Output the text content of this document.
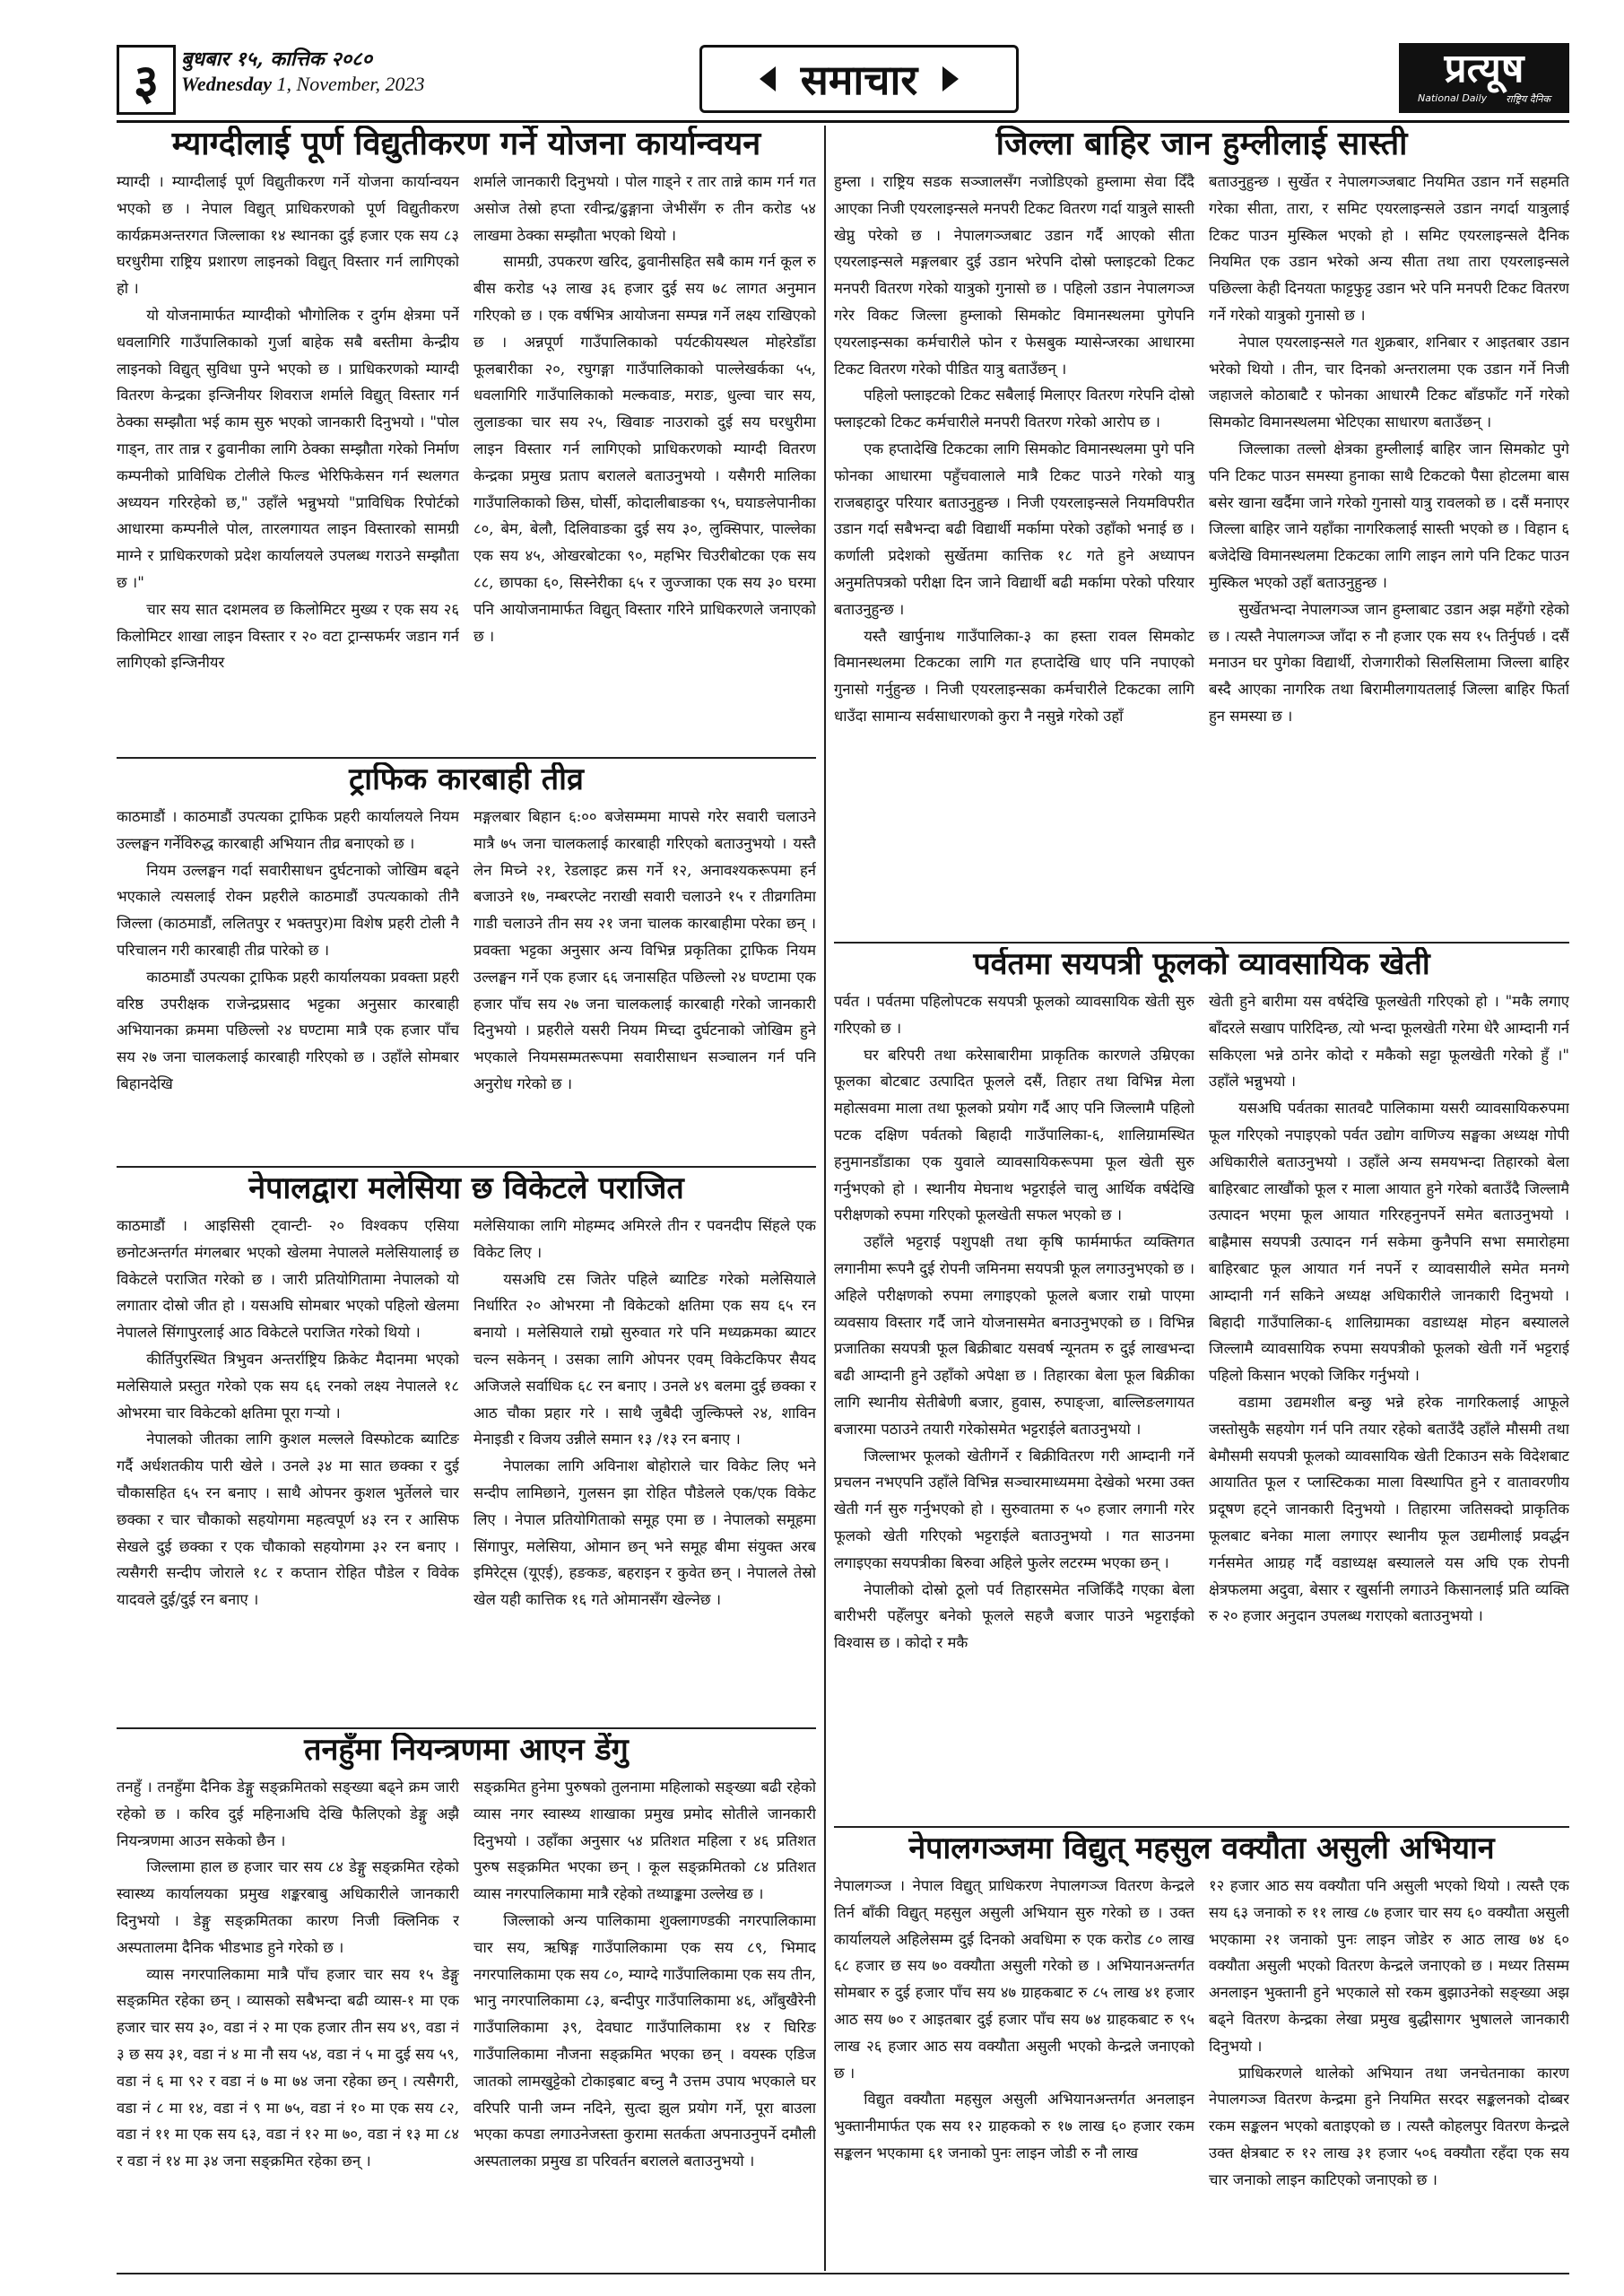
३	बुधबार १५, कात्तिक २०८०
Wednesday 1, November, 2023	समाचार	प्रत्यूष
National Daily राष्ट्रिय दैनिक
म्याग्दीलाई पूर्ण विद्युतीकरण गर्ने योजना कार्यान्वयन

म्याग्दी । म्याग्दीलाई पूर्ण विद्युतीकरण गर्ने योजना कार्यान्वयन भएको छ । नेपाल विद्युत् प्राधिकरणको पूर्ण विद्युतीकरण कार्यक्रमअन्तरगत जिल्लाका १४ स्थानका दुई हजार एक सय ८३ घरधुरीमा राष्ट्रिय प्रशारण लाइनको विद्युत् विस्तार गर्न लागिएको हो ।

यो योजनामार्फत म्याग्दीको भौगोलिक र दुर्गम क्षेत्रमा पर्ने धवलागिरि गाउँपालिकाको गुर्जा बाहेक सबै बस्तीमा केन्द्रीय लाइनको विद्युत् सुविधा पुग्ने भएको छ । प्राधिकरणको म्याग्दी वितरण केन्द्रका इन्जिनीयर शिवराज शर्माले विद्युत् विस्तार गर्न ठेक्का सम्झौता भई काम सुरु भएको जानकारी दिनुभयो । "पोल गाड्न, तार तान्न र ढुवानीका लागि ठेक्का सम्झौता गरेको निर्माण कम्पनीको प्राविधिक टोलीले फिल्ड भेरिफिकेसन गर्न स्थलगत अध्ययन गरिरहेको छ," उहाँले भन्नुभयो "प्राविधिक रिपोर्टको आधारमा कम्पनीले पोल, तारलगायत लाइन विस्तारको सामग्री माग्ने र प्राधिकरणको प्रदेश कार्यालयले उपलब्ध गराउने सम्झौता छ ।"

चार सय सात दशमलव छ किलोमिटर मुख्य र एक सय २६ किलोमिटर शाखा लाइन विस्तार र २० वटा ट्रान्सफर्मर जडान गर्न लागिएको इन्जिनीयर

शर्माले जानकारी दिनुभयो । पोल गाड्ने र तार तान्ने काम गर्न गत असोज तेस्रो हप्ता रवीन्द्र/ढुङ्गाना जेभीसँग रु तीन करोड ५४ लाखमा ठेक्का सम्झौता भएको थियो ।

सामग्री, उपकरण खरिद, ढुवानीसहित सबै काम गर्न कूल रु बीस करोड ५३ लाख ३६ हजार दुई सय ७८ लागत अनुमान गरिएको छ । एक वर्षभित्र आयोजना सम्पन्न गर्ने लक्ष्य राखिएको छ । अन्नपूर्ण गाउँपालिकाको पर्यटकीयस्थल मोहरेडाँडा फूलबारीका २०, रघुगङ्गा गाउँपालिकाको पाल्लेखर्कका ५५, धवलागिरि गाउँपालिकाको मल्कवाङ, मराङ, धुल्वा चार सय, लुलाङका चार सय २५, खिवाङ नाउराको दुई सय घरधुरीमा लाइन विस्तार गर्न लागिएको प्राधिकरणको म्याग्दी वितरण केन्द्रका प्रमुख प्रताप बरालले बताउनुभयो । यसैगरी मालिका गाउँपालिकाको छिस, घोर्सी, कोदालीबाङका ९५, घयाङलेपानीका ८०, बेम, बेलौ, दिलिवाङका दुई सय ३०, लुक्सिपार, पाल्लेका एक सय ४५, ओखरबोटका ९०, महभिर चिउरीबोटका एक सय ८८, छापका ६०, सिस्नेरीका ६५ र जुज्जाका एक सय ३० घरमा पनि आयोजनामार्फत विद्युत् विस्तार गरिने प्राधिकरणले जनाएको छ ।

ट्राफिक कारबाही तीव्र

काठमाडौं । काठमाडौं उपत्यका ट्राफिक प्रहरी कार्यालयले नियम उल्लङ्घन गर्नेविरुद्ध कारबाही अभियान तीव्र बनाएको छ ।

नियम उल्लङ्घन गर्दा सवारीसाधन दुर्घटनाको जोखिम बढ्ने भएकाले त्यसलाई रोक्न प्रहरीले काठमाडौं उपत्यकाको तीनै जिल्ला (काठमाडौं, ललितपुर र भक्तपुर)मा विशेष प्रहरी टोली नै परिचालन गरी कारबाही तीव्र पारेको छ ।

काठमाडौं उपत्यका ट्राफिक प्रहरी कार्यालयका प्रवक्ता प्रहरी वरिष्ठ उपरीक्षक राजेन्द्रप्रसाद भट्टका अनुसार कारबाही अभियानका क्रममा पछिल्लो २४ घण्टामा मात्रै एक हजार पाँच सय २७ जना चालकलाई कारबाही गरिएको छ । उहाँले सोमबार बिहानदेखि

मङ्गलबार बिहान ६:०० बजेसम्ममा मापसे गरेर सवारी चलाउने मात्रै ७५ जना चालकलाई कारबाही गरिएको बताउनुभयो । यस्तै लेन मिच्ने २१, रेडलाइट क्रस गर्ने १२, अनावश्यकरूपमा हर्न बजाउने १७, नम्बरप्लेट नराखी सवारी चलाउने १५ र तीव्रगतिमा गाडी चलाउने तीन सय २१ जना चालक कारबाहीमा परेका छन् । प्रवक्ता भट्टका अनुसार अन्य विभिन्न प्रकृतिका ट्राफिक नियम उल्लङ्घन गर्ने एक हजार ६६ जनासहित पछिल्लो २४ घण्टामा एक हजार पाँच सय २७ जना चालकलाई कारबाही गरेको जानकारी दिनुभयो । प्रहरीले यसरी नियम मिच्दा दुर्घटनाको जोखिम हुने भएकाले नियमसम्मतरूपमा सवारीसाधन सञ्चालन गर्न पनि अनुरोध गरेको छ ।

नेपालद्वारा मलेसिया छ विकेटले पराजित

काठमाडौं । आइसिसी ट्वान्टी- २० विश्वकप एसिया छनोटअन्तर्गत मंगलबार भएको खेलमा नेपालले मलेसियालाई छ विकेटले पराजित गरेको छ । जारी प्रतियोगितामा नेपालको यो लगातार दोस्रो जीत हो । यसअघि सोमबार भएको पहिलो खेलमा नेपालले सिंगापुरलाई आठ विकेटले पराजित गरेको थियो ।

कीर्तिपुरस्थित त्रिभुवन अन्तर्राष्ट्रिय क्रिकेट मैदानमा भएको मलेसियाले प्रस्तुत गरेको एक सय ६६ रनको लक्ष्य नेपालले १८ ओभरमा चार विकेटको क्षतिमा पूरा गर्‍यो ।

नेपालको जीतका लागि कुशल मल्लले विस्फोटक ब्याटिङ गर्दै अर्धशतकीय पारी खेले । उनले ३४ मा सात छक्का र दुई चौकासहित ६५ रन बनाए । साथै ओपनर कुशल भुर्तेलले चार छक्का र चार चौकाको सहयोगमा महत्वपूर्ण ४३ रन र आसिफ सेखले दुई छक्का र एक चौकाको सहयोगमा ३२ रन बनाए । त्यसैगरी सन्दीप जोराले १८ र कप्तान रोहित पौडेल र विवेक यादवले दुई/दुई रन बनाए ।

मलेसियाका लागि मोहम्मद अमिरले तीन र पवनदीप सिंहले एक विकेट लिए ।

यसअघि टस जितेर पहिले ब्याटिङ गरेको मलेसियाले निर्धारित २० ओभरमा नौ विकेटको क्षतिमा एक सय ६५ रन बनायो । मलेसियाले राम्रो सुरुवात गरे पनि मध्यक्रमका ब्याटर चल्न सकेनन् । उसका लागि ओपनर एवम् विकेटकिपर सैयद अजिजले सर्वाधिक ६८ रन बनाए । उनले ४९ बलमा दुई छक्का र आठ चौका प्रहार गरे । साथै जुबैदी जुल्किफ्ले २४, शाविन मेनाइडी र विजय उन्नीले समान १३ /१३ रन बनाए ।

नेपालका लागि अविनाश बोहोराले चार विकेट लिए भने सन्दीप लामिछाने, गुलसन झा रोहित पौडेलले एक/एक विकेट लिए । नेपाल प्रतियोगिताको समूह एमा छ । नेपालको समूहमा सिंगापुर, मलेसिया, ओमान छन् भने समूह बीमा संयुक्त अरब इमिरेट्स (यूएई), हङकङ, बहराइन र कुवेत छन् । नेपालले तेस्रो खेल यही कात्तिक १६ गते ओमानसँग खेल्नेछ ।

तनहुँमा नियन्त्रणमा आएन डेंगु

तनहुँ । तनहुँमा दैनिक डेङ्गु सङ्क्रमितको सङ्ख्या बढ्ने क्रम जारी रहेको छ । करिव दुई महिनाअघि देखि फैलिएको डेङ्गु अझै नियन्त्रणमा आउन सकेको छैन ।

जिल्लामा हाल छ हजार चार सय ८४ डेङ्गु सङ्क्रमित रहेको स्वास्थ्य कार्यालयका प्रमुख शङ्करबाबु अधिकारीले जानकारी दिनुभयो । डेङ्गु सङ्क्रमितका कारण निजी क्लिनिक र अस्पतालमा दैनिक भीडभाड हुने गरेको छ ।

व्यास नगरपालिकामा मात्रै पाँच हजार चार सय १५ डेङ्गु सङ्क्रमित रहेका छन् । व्यासको सबैभन्दा बढी व्यास-१ मा एक हजार चार सय ३०, वडा नं २ मा एक हजार तीन सय ४९, वडा नं ३ छ सय ३१, वडा नं ४ मा नौ सय ५४, वडा नं ५ मा दुई सय ५९, वडा नं ६ मा ९२ र वडा नं ७ मा ७४ जना रहेका छन् । त्यसैगरी, वडा नं ८ मा १४, वडा नं ९ मा ७५, वडा नं १० मा एक सय ८२, वडा नं ११ मा एक सय ६३, वडा नं १२ मा ७०, वडा नं १३ मा ८४ र वडा नं १४ मा ३४ जना सङ्क्रमित रहेका छन् ।

सङ्क्रमित हुनेमा पुरुषको तुलनामा महिलाको सङ्ख्या बढी रहेको व्यास नगर स्वास्थ्य शाखाका प्रमुख प्रमोद सोतीले जानकारी दिनुभयो । उहाँका अनुसार ५४ प्रतिशत महिला र ४६ प्रतिशत पुरुष सङ्क्रमित भएका छन् । कूल सङ्क्रमितको ८४ प्रतिशत व्यास नगरपालिकामा मात्रै रहेको तथ्याङ्कमा उल्लेख छ ।

जिल्लाको अन्य पालिकामा शुक्लागण्डकी नगरपालिकामा चार सय, ऋषिङ्ग गाउँपालिकामा एक सय ८९, भिमाद नगरपालिकामा एक सय ८०, म्याग्दे गाउँपालिकामा एक सय तीन, भानु नगरपालिकामा ८३, बन्दीपुर गाउँपालिकामा ४६, आँबुखैरेनी गाउँपालिकामा ३९, देवघाट गाउँपालिकामा १४ र घिरिङ गाउँपालिकामा नौजना सङ्क्रमित भएका छन् । वयस्क एडिज जातको लामखुट्टेको टोकाइबाट बच्नु नै उत्तम उपाय भएकाले घर वरिपरि पानी जम्न नदिने, सुत्दा झुल प्रयोग गर्ने, पूरा बाउला भएका कपडा लगाउनेजस्ता कुरामा सतर्कता अपनाउनुपर्ने दमौली अस्पतालका प्रमुख डा परिवर्तन बरालले बताउनुभयो ।

जिल्ला बाहिर जान हुम्लीलाई सास्ती

हुम्ला । राष्ट्रिय सडक सञ्जालसँग नजोडिएको हुम्लामा सेवा दिँदै आएका निजी एयरलाइन्सले मनपरी टिकट वितरण गर्दा यात्रुले सास्ती खेप्नु परेको छ । नेपालगञ्जबाट उडान गर्दै आएको सीता एयरलाइन्सले मङ्गलबार दुई उडान भरेपनि दोस्रो फ्लाइटको टिकट मनपरी वितरण गरेको यात्रुको गुनासो छ । पहिलो उडान नेपालगञ्ज गरेर विकट जिल्ला हुम्लाको सिमकोट विमानस्थलमा पुगेपनि एयरलाइन्सका कर्मचारीले फोन र फेसबुक म्यासेन्जरका आधारमा टिकट वितरण गरेको पीडित यात्रु बताउँछन् ।

पहिलो फ्लाइटको टिकट सबैलाई मिलाएर वितरण गरेपनि दोस्रो फ्लाइटको टिकट कर्मचारीले मनपरी वितरण गरेको आरोप छ ।

एक हप्तादेखि टिकटका लागि सिमकोट विमानस्थलमा पुगे पनि फोनका आधारमा पहुँचवालाले मात्रै टिकट पाउने गरेको यात्रु राजबहादुर परियार बताउनुहुन्छ । निजी एयरलाइन्सले नियमविपरीत उडान गर्दा सबैभन्दा बढी विद्यार्थी मर्कामा परेको उहाँको भनाई छ । कर्णाली प्रदेशको सुर्खेतमा कात्तिक १८ गते हुने अध्यापन अनुमतिपत्रको परीक्षा दिन जाने विद्यार्थी बढी मर्कामा परेको परियार बताउनुहुन्छ ।

यस्तै खार्पुनाथ गाउँपालिका-३ का हस्ता रावल सिमकोट विमानस्थलमा टिकटका लागि गत हप्तादेखि धाए पनि नपाएको गुनासो गर्नुहुन्छ । निजी एयरलाइन्सका कर्मचारीले टिकटका लागि धाउँदा सामान्य सर्वसाधारणको कुरा नै नसुन्ने गरेको उहाँ

बताउनुहुन्छ । सुर्खेत र नेपालगञ्जबाट नियमित उडान गर्ने सहमति गरेका सीता, तारा, र समिट एयरलाइन्सले उडान नगर्दा यात्रुलाई टिकट पाउन मुस्किल भएको हो । समिट एयरलाइन्सले दैनिक नियमित एक उडान भरेको अन्य सीता तथा तारा एयरलाइन्सले पछिल्ला केही दिनयता फाट्टफुट्ट उडान भरे पनि मनपरी टिकट वितरण गर्ने गरेको यात्रुको गुनासो छ ।

नेपाल एयरलाइन्सले गत शुक्रबार, शनिबार र आइतबार उडान भरेको थियो । तीन, चार दिनको अन्तरालमा एक उडान गर्ने निजी जहाजले कोठाबाटै र फोनका आधारमै टिकट बाँडफाँट गर्ने गरेको सिमकोट विमानस्थलमा भेटिएका साधारण बताउँछन् ।

जिल्लाका तल्लो क्षेत्रका हुम्लीलाई बाहिर जान सिमकोट पुगे पनि टिकट पाउन समस्या हुनाका साथै टिकटको पैसा होटलमा बास बसेर खाना खर्दैमा जाने गरेको गुनासो यात्रु रावलको छ । दसैं मनाएर जिल्ला बाहिर जाने यहाँका नागरिकलाई सास्ती भएको छ । विहान ६ बजेदेखि विमानस्थलमा टिकटका लागि लाइन लागे पनि टिकट पाउन मुस्किल भएको उहाँ बताउनुहुन्छ ।

सुर्खेतभन्दा नेपालगञ्ज जान हुम्लाबाट उडान अझ महँगो रहेको छ । त्यस्तै नेपालगञ्ज जाँदा रु नौ हजार एक सय १५ तिर्नुपर्छ । दसैं मनाउन घर पुगेका विद्यार्थी, रोजगारीको सिलसिलामा जिल्ला बाहिर बस्दै आएका नागरिक तथा बिरामीलगायतलाई जिल्ला बाहिर फिर्ता हुन समस्या छ ।

पर्वतमा सयपत्री फूलको व्यावसायिक खेती

पर्वत । पर्वतमा पहिलोपटक सयपत्री फूलको व्यावसायिक खेती सुरु गरिएको छ ।

घर बरिपरी तथा करेसाबारीमा प्राकृतिक कारणले उम्रिएका फूलका बोटबाट उत्पादित फूलले दसैं, तिहार तथा विभिन्न मेला महोत्सवमा माला तथा फूलको प्रयोग गर्दै आए पनि जिल्लामै पहिलो पटक दक्षिण पर्वतको बिहादी गाउँपालिका-६, शालिग्रामस्थित हनुमानडाँडाका एक युवाले व्यावसायिकरूपमा फूल खेती सुरु गर्नुभएको हो । स्थानीय मेघनाथ भट्टराईले चालु आर्थिक वर्षदेखि परीक्षणको रुपमा गरिएको फूलखेती सफल भएको छ ।

उहाँले भट्टराई पशुपक्षी तथा कृषि फार्ममार्फत व्यक्तिगत लगानीमा रूपनै दुई रोपनी जमिनमा सयपत्री फूल लगाउनुभएको छ । अहिले परीक्षणको रुपमा लगाइएको फूलले बजार राम्रो पाएमा व्यवसाय विस्तार गर्दै जाने योजनासमेत बनाउनुभएको छ । विभिन्न प्रजातिका सयपत्री फूल बिक्रीबाट यसवर्ष न्यूनतम रु दुई लाखभन्दा बढी आम्दानी हुने उहाँको अपेक्षा छ । तिहारका बेला फूल बिक्रीका लागि स्थानीय सेतीबेणी बजार, हुवास, रुपाङ्जा, बाल्लिङलगायत बजारमा पठाउने तयारी गरेकोसमेत भट्टराईले बताउनुभयो ।

जिल्लाभर फूलको खेतीगर्ने र बिक्रीवितरण गरी आम्दानी गर्ने प्रचलन नभएपनि उहाँले विभिन्न सञ्चारमाध्यममा देखेको भरमा उक्त खेती गर्न सुरु गर्नुभएको हो । सुरुवातमा रु ५० हजार लगानी गरेर फूलको खेती गरिएको भट्टराईले बताउनुभयो । गत साउनमा लगाइएका सयपत्रीका बिरुवा अहिले फुलेर लटरम्म भएका छन् ।

नेपालीको दोस्रो ठूलो पर्व तिहारसमेत नजिकिँदै गएका बेला बारीभरी पहेँलपुर बनेको फूलले सहजै बजार पाउने भट्टराईको विश्वास छ । कोदो र मकै

खेती हुने बारीमा यस वर्षदेखि फूलखेती गरिएको हो । "मकै लगाए बाँदरले सखाप पारिदिन्छ, त्यो भन्दा फूलखेती गरेमा धेरै आम्दानी गर्न सकिएला भन्ने ठानेर कोदो र मकैको सट्टा फूलखेती गरेको हुँ ।" उहाँले भन्नुभयो ।

यसअघि पर्वतका सातवटै पालिकामा यसरी व्यावसायिकरुपमा फूल गरिएको नपाइएको पर्वत उद्योग वाणिज्य सङ्घका अध्यक्ष गोपी अधिकारीले बताउनुभयो । उहाँले अन्य समयभन्दा तिहारको बेला बाहिरबाट लाखौंको फूल र माला आयात हुने गरेको बताउँदै जिल्लामै उत्पादन भएमा फूल आयात गरिरहनुनपर्ने समेत बताउनुभयो । बाह्रैमास सयपत्री उत्पादन गर्न सकेमा कुनैपनि सभा समारोहमा बाहिरबाट फूल आयात गर्न नपर्ने र व्यावसायीले समेत मनग्गे आम्दानी गर्न सकिने अध्यक्ष अधिकारीले जानकारी दिनुभयो । बिहादी गाउँपालिका-६ शालिग्रामका वडाध्यक्ष मोहन बस्यालले जिल्लामै व्यावसायिक रुपमा सयपत्रीको फूलको खेती गर्ने भट्टराई पहिलो किसान भएको जिकिर गर्नुभयो ।

वडामा उद्यमशील बन्छु भन्ने हरेक नागरिकलाई आफूले जस्तोसुकै सहयोग गर्न पनि तयार रहेको बताउँदै उहाँले मौसमी तथा बेमौसमी सयपत्री फूलको व्यावसायिक खेती टिकाउन सके विदेशबाट आयातित फूल र प्लास्टिकका माला विस्थापित हुने र वातावरणीय प्रदूषण हट्ने जानकारी दिनुभयो । तिहारमा जतिसक्दो प्राकृतिक फूलबाट बनेका माला लगाएर स्थानीय फूल उद्यमीलाई प्रवर्द्धन गर्नसमेत आग्रह गर्दै वडाध्यक्ष बस्यालले यस अघि एक रोपनी क्षेत्रफलमा अदुवा, बेसार र खुर्सानी लगाउने किसानलाई प्रति व्यक्ति रु २० हजार अनुदान उपलब्ध गराएको बताउनुभयो ।

नेपालगञ्जमा विद्युत् महसुल वक्यौता असुली अभियान

नेपालगञ्ज । नेपाल विद्युत् प्राधिकरण नेपालगञ्ज वितरण केन्द्रले तिर्न बाँकी विद्युत् महसुल असुली अभियान सुरु गरेको छ । उक्त कार्यालयले अहिलेसम्म दुई दिनको अवधिमा रु एक करोड ८० लाख ६८ हजार छ सय ७० वक्यौता असुली गरेको छ । अभियानअन्तर्गत सोमबार रु दुई हजार पाँच सय ४७ ग्राहकबाट रु ८५ लाख ४१ हजार आठ सय ७० र आइतबार दुई हजार पाँच सय ७४ ग्राहकबाट रु ९५ लाख २६ हजार आठ सय वक्यौता असुली भएको केन्द्रले जनाएको छ ।

विद्युत वक्यौता महसुल असुली अभियानअन्तर्गत अनलाइन भुक्तानीमार्फत एक सय १२ ग्राहकको रु १७ लाख ६० हजार रकम सङ्कलन भएकामा ६१ जनाको पुनः लाइन जोडी रु नौ लाख

१२ हजार आठ सय वक्यौता पनि असुली भएको थियो । त्यस्तै एक सय ६३ जनाको रु ११ लाख ८७ हजार चार सय ६० वक्यौता असुली भएकामा २१ जनाको पुनः लाइन जोडेर रु आठ लाख ७४ ६० वक्यौता असुली भएको वितरण केन्द्रले जनाएको छ । मध्यर तिसम्म अनलाइन भुक्तानी हुने भएकाले सो रकम बुझाउनेको सङ्ख्या अझ बढ्ने वितरण केन्द्रका लेखा प्रमुख बुद्धीसागर भुषालले जानकारी दिनुभयो ।

प्राधिकरणले थालेको अभियान तथा जनचेतनाका कारण नेपालगञ्ज वितरण केन्द्रमा हुने नियमित सरदर सङ्कलनको दोब्बर रकम सङ्कलन भएको बताइएको छ । त्यस्तै कोहलपुर वितरण केन्द्रले उक्त क्षेत्रबाट रु १२ लाख ३१ हजार ५०६ वक्यौता रहँदा एक सय चार जनाको लाइन काटिएको जनाएको छ ।
